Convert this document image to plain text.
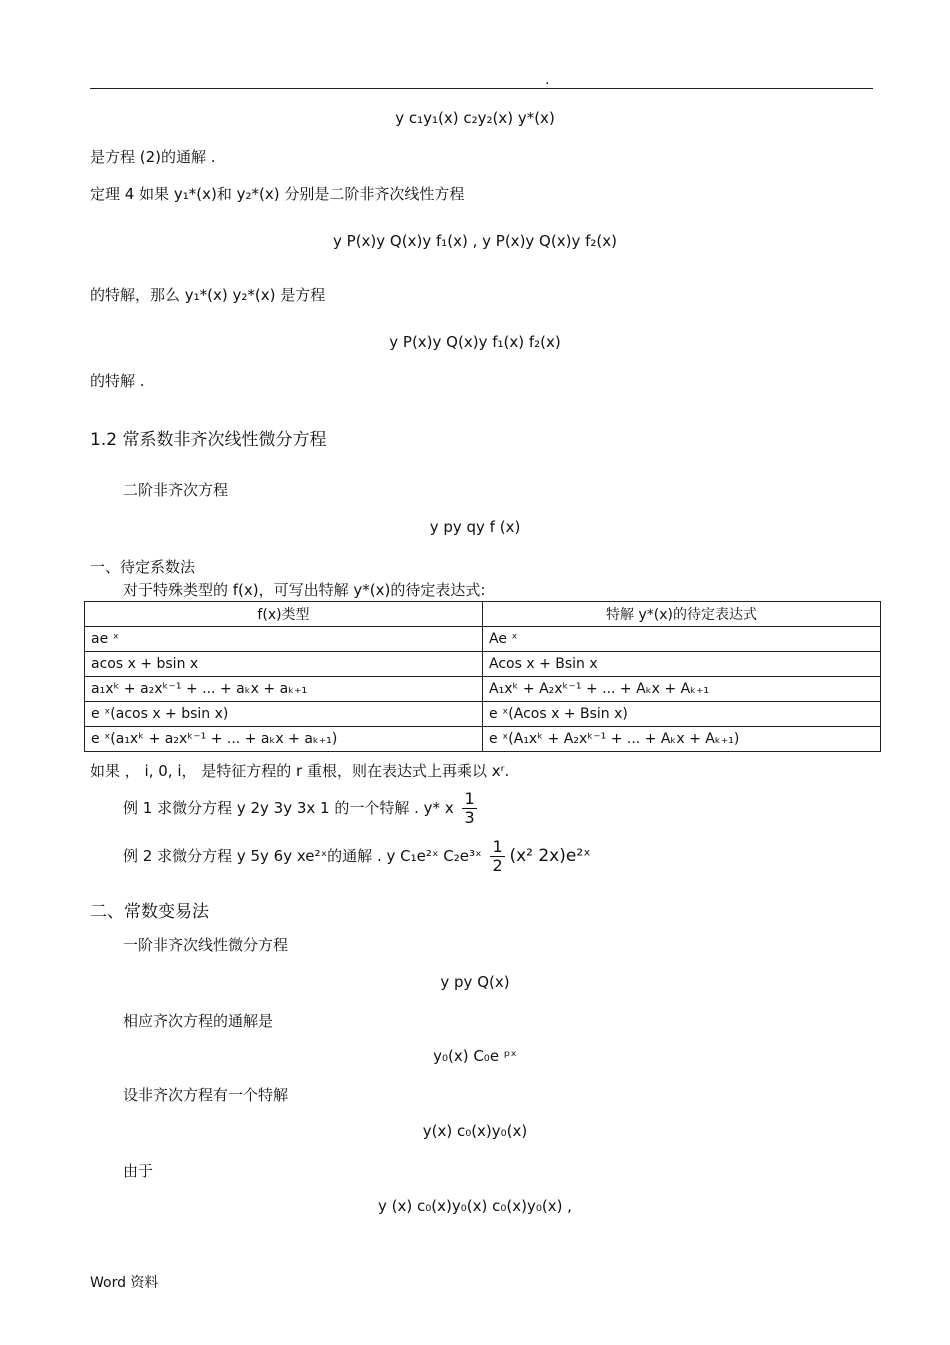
.
y c₁y₁(x) c₂y₂(x) y*(x)
是方程 (2)的通解 .
定理 4 如果 y₁*(x)和 y₂*(x) 分别是二阶非齐次线性方程
y P(x)y Q(x)y f₁(x) , y P(x)y Q(x)y f₂(x)
的特解，那么 y₁*(x) y₂*(x) 是方程
y P(x)y Q(x)y f₁(x) f₂(x)
的特解 .
1.2 常系数非齐次线性微分方程
二阶非齐次方程
y py qy f (x)
一、待定系数法
对于特殊类型的 f(x)，可写出特解 y*(x)的待定表达式:
f(x)类型	特解 y*(x)的待定表达式
ae ˣ	Ae ˣ
acos x + bsin x	Acos x + Bsin x
a₁xᵏ + a₂xᵏ⁻¹ + ... + aₖx + aₖ₊₁	A₁xᵏ + A₂xᵏ⁻¹ + ... + Aₖx + Aₖ₊₁
e ˣ(acos x + bsin x)	e ˣ(Acos x + Bsin x)
e ˣ(a₁xᵏ + a₂xᵏ⁻¹ + ... + aₖx + aₖ₊₁)	e ˣ(A₁xᵏ + A₂xᵏ⁻¹ + ... + Aₖx + Aₖ₊₁)
如果 ， i, 0, i， 是特征方程的 r 重根，则在表达式上再乘以 xʳ.
例 1 求微分方程 y 2y 3y 3x 1 的一个特解 . y* x $\frac{1}{3}$
例 2 求微分方程 y 5y 6y xe²ˣ的通解 . y C₁e²ˣ C₂e³ˣ $\frac{1}{2} (x^2$ 2x)e²ˣ
二、常数变易法
一阶非齐次线性微分方程
y py Q(x)
相应齐次方程的通解是
y₀(x) C₀e ᵖˣ
设非齐次方程有一个特解
y(x) c₀(x)y₀(x)
由于
y (x) c₀(x)y₀(x) c₀(x)y₀(x) ,
Word 资料
